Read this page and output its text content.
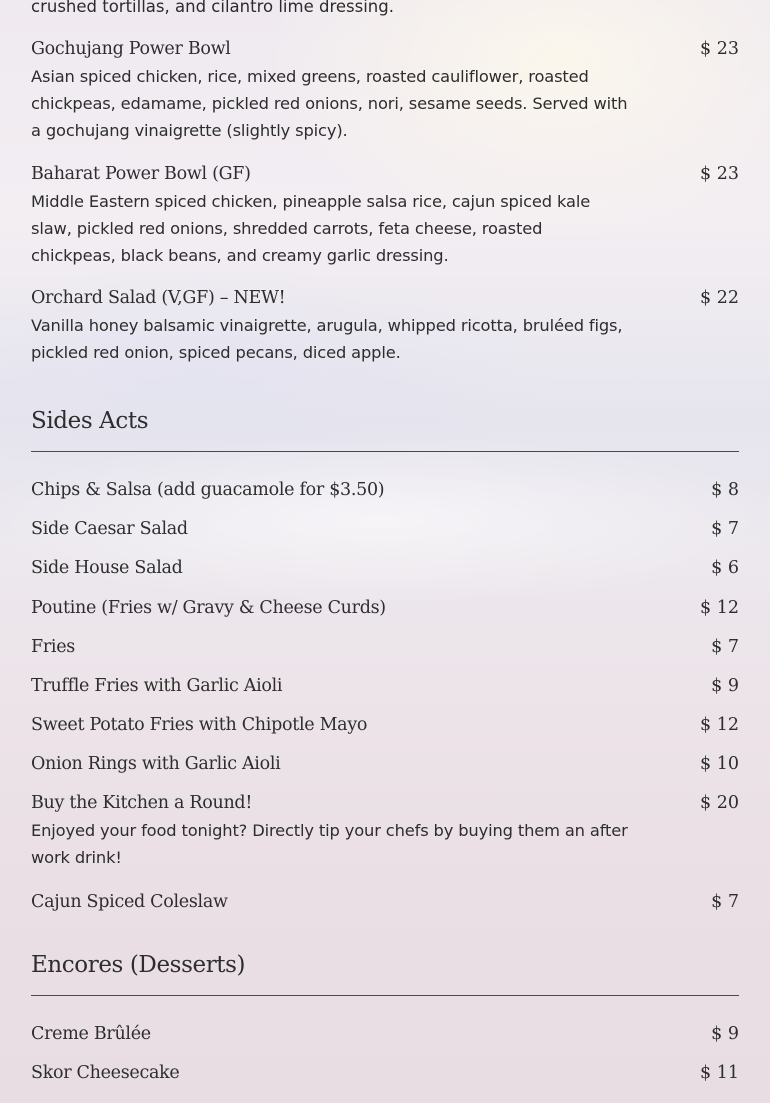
crushed tortillas, and cilantro lime dressing.
Gochujang Power Bowl	$ 23
Asian spiced chicken, rice, mixed greens, roasted cauliflower, roasted chickpeas, edamame, pickled red onions, nori, sesame seeds. Served with a gochujang vinaigrette (slightly spicy).
Baharat Power Bowl (GF)	$ 23
Middle Eastern spiced chicken, pineapple salsa rice, cajun spiced kale slaw, pickled red onions, shredded carrots, feta cheese, roasted chickpeas, black beans, and creamy garlic dressing.
Orchard Salad (V,GF) – NEW!	$ 22
Vanilla honey balsamic vinaigrette, arugula, whipped ricotta, bruléed figs, pickled red onion, spiced pecans, diced apple.
Sides Acts
Chips & Salsa (add guacamole for $3.50)	$ 8
Side Caesar Salad	$ 7
Side House Salad	$ 6
Poutine (Fries w/ Gravy & Cheese Curds)	$ 12
Fries	$ 7
Truffle Fries with Garlic Aioli	$ 9
Sweet Potato Fries with Chipotle Mayo	$ 12
Onion Rings with Garlic Aioli	$ 10
Buy the Kitchen a Round!	$ 20
Enjoyed your food tonight? Directly tip your chefs by buying them an after work drink!
Cajun Spiced Coleslaw	$ 7
Encores (Desserts)
Creme Brûlée	$ 9
Skor Cheesecake	$ 11
